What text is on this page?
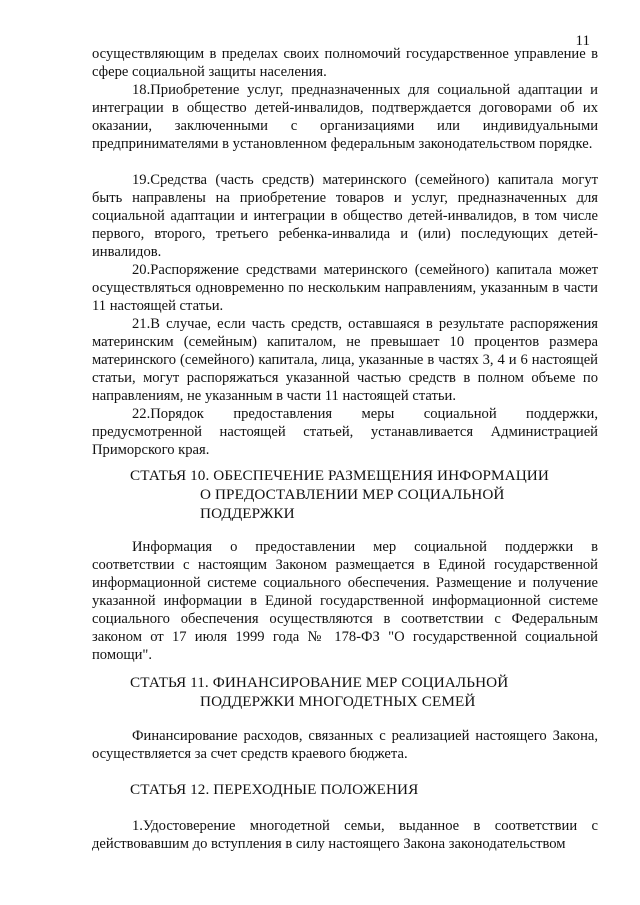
11
осуществляющим в пределах своих полномочий государственное управление в сфере социальной защиты населения.
18.Приобретение услуг, предназначенных для социальной адаптации и интеграции в общество детей-инвалидов, подтверждается договорами об их оказании, заключенными с организациями или индивидуальными предпринимателями в установленном федеральным законодательством порядке.
19.Средства (часть средств) материнского (семейного) капитала могут быть направлены на приобретение товаров и услуг, предназначенных для социальной адаптации и интеграции в общество детей-инвалидов, в том числе первого, второго, третьего ребенка-инвалида и (или) последующих детей-инвалидов.
20.Распоряжение средствами материнского (семейного) капитала может осуществляться одновременно по нескольким направлениям, указанным в части 11 настоящей статьи.
21.В случае, если часть средств, оставшаяся в результате распоряжения материнским (семейным) капиталом, не превышает 10 процентов размера материнского (семейного) капитала, лица, указанные в частях 3, 4 и 6 настоящей статьи, могут распоряжаться указанной частью средств в полном объеме по направлениям, не указанным в части 11 настоящей статьи.
22.Порядок предоставления меры социальной поддержки, предусмотренной настоящей статьей, устанавливается Администрацией Приморского края.
СТАТЬЯ 10. ОБЕСПЕЧЕНИЕ РАЗМЕЩЕНИЯ ИНФОРМАЦИИ
О ПРЕДОСТАВЛЕНИИ МЕР СОЦИАЛЬНОЙ
ПОДДЕРЖКИ
Информация о предоставлении мер социальной поддержки в соответствии с настоящим Законом размещается в Единой государственной информационной системе социального обеспечения. Размещение и получение указанной информации в Единой государственной информационной системе социального обеспечения осуществляются в соответствии с Федеральным законом от 17 июля 1999 года № 178-ФЗ "О государственной социальной помощи".
СТАТЬЯ 11. ФИНАНСИРОВАНИЕ МЕР СОЦИАЛЬНОЙ
ПОДДЕРЖКИ МНОГОДЕТНЫХ СЕМЕЙ
Финансирование расходов, связанных с реализацией настоящего Закона, осуществляется за счет средств краевого бюджета.
СТАТЬЯ 12. ПЕРЕХОДНЫЕ ПОЛОЖЕНИЯ
1.Удостоверение многодетной семьи, выданное в соответствии с действовавшим до вступления в силу настоящего Закона законодательством
